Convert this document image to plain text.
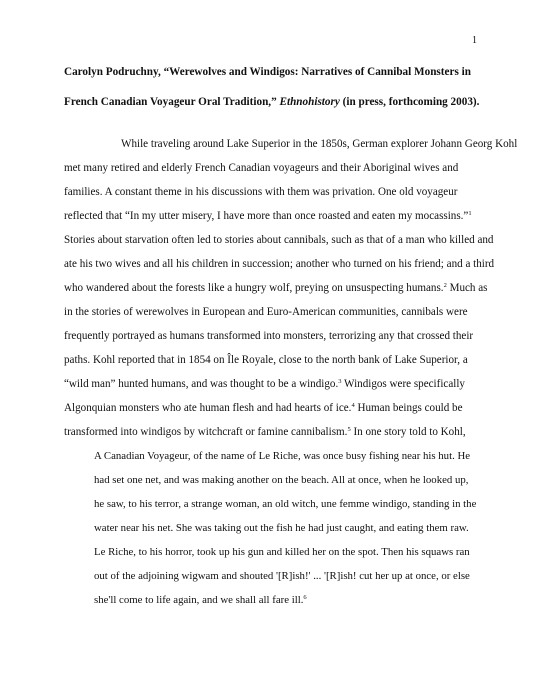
1
Carolyn Podruchny, “Werewolves and Windigos: Narratives of Cannibal Monsters in
French Canadian Voyageur Oral Tradition,” Ethnohistory (in press, forthcoming 2003).
While traveling around Lake Superior in the 1850s, German explorer Johann Georg Kohl
met many retired and elderly French Canadian voyageurs and their Aboriginal wives and
families. A constant theme in his discussions with them was privation. One old voyageur
reflected that “In my utter misery, I have more than once roasted and eaten my mocassins.”$^1$
Stories about starvation often led to stories about cannibals, such as that of a man who killed and
ate his two wives and all his children in succession; another who turned on his friend; and a third
who wandered about the forests like a hungry wolf, preying on unsuspecting humans.$^2$ Much as
in the stories of werewolves in European and Euro-American communities, cannibals were
frequently portrayed as humans transformed into monsters, terrorizing any that crossed their
paths. Kohl reported that in 1854 on Île Royale, close to the north bank of Lake Superior, a
“wild man” hunted humans, and was thought to be a windigo.$^3$ Windigos were specifically
Algonquian monsters who ate human flesh and had hearts of ice.$^4$ Human beings could be
transformed into windigos by witchcraft or famine cannibalism.$^5$ In one story told to Kohl,
A Canadian Voyageur, of the name of Le Riche, was once busy fishing near his hut. He
had set one net, and was making another on the beach. All at once, when he looked up,
he saw, to his terror, a strange woman, an old witch, une femme windigo, standing in the
water near his net. She was taking out the fish he had just caught, and eating them raw.
Le Riche, to his horror, took up his gun and killed her on the spot. Then his squaws ran
out of the adjoining wigwam and shouted '[R]ish!' ... '[R]ish! cut her up at once, or else
she'll come to life again, and we shall all fare ill.$^6$
